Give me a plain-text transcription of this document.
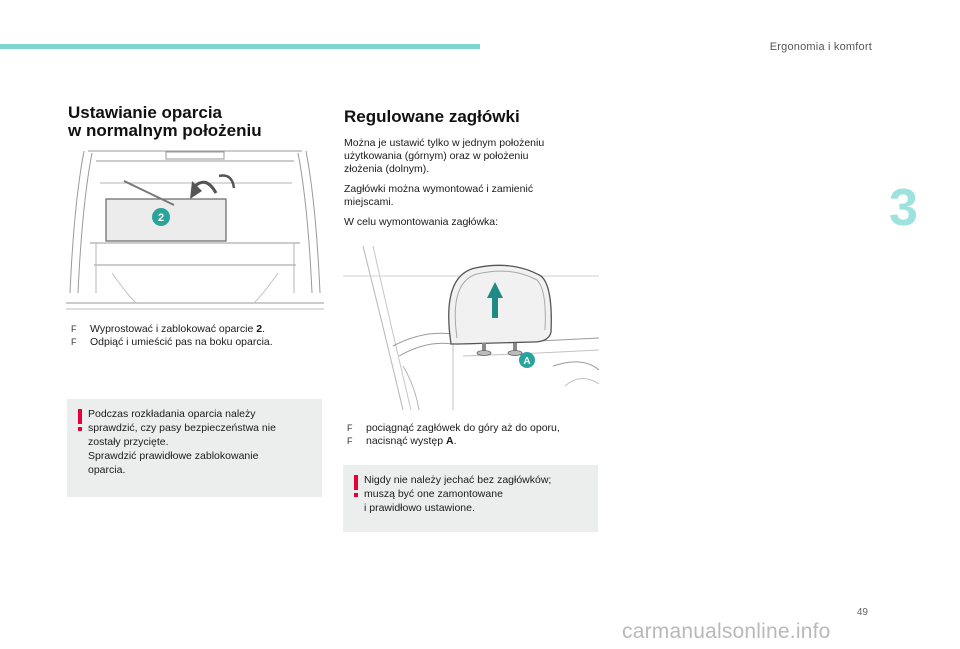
Ergonomia i komfort
3
Ustawianie oparcia
w normalnym położeniu
2
F Wyprostować i zablokować oparcie 2.
F Odpiąć i umieścić pas na boku oparcia.

Podczas rozkładania oparcia należy
sprawdzić, czy pasy bezpieczeństwa nie
zostały przycięte.
Sprawdzić prawidłowe zablokowanie
oparcia.

Regulowane zagłówki

Można je ustawić tylko w jednym położeniu
użytkowania (górnym) oraz w położeniu
złożenia (dolnym).

Zagłówki można wymontować i zamienić
miejscami.

W celu wymontowania zagłówka:

A
F pociągnąć zagłówek do góry aż do oporu,
F nacisnąć występ A.

Nigdy nie należy jechać bez zagłówków;
muszą być one zamontowane
i prawidłowo ustawione.

49
carmanualsonline.info
